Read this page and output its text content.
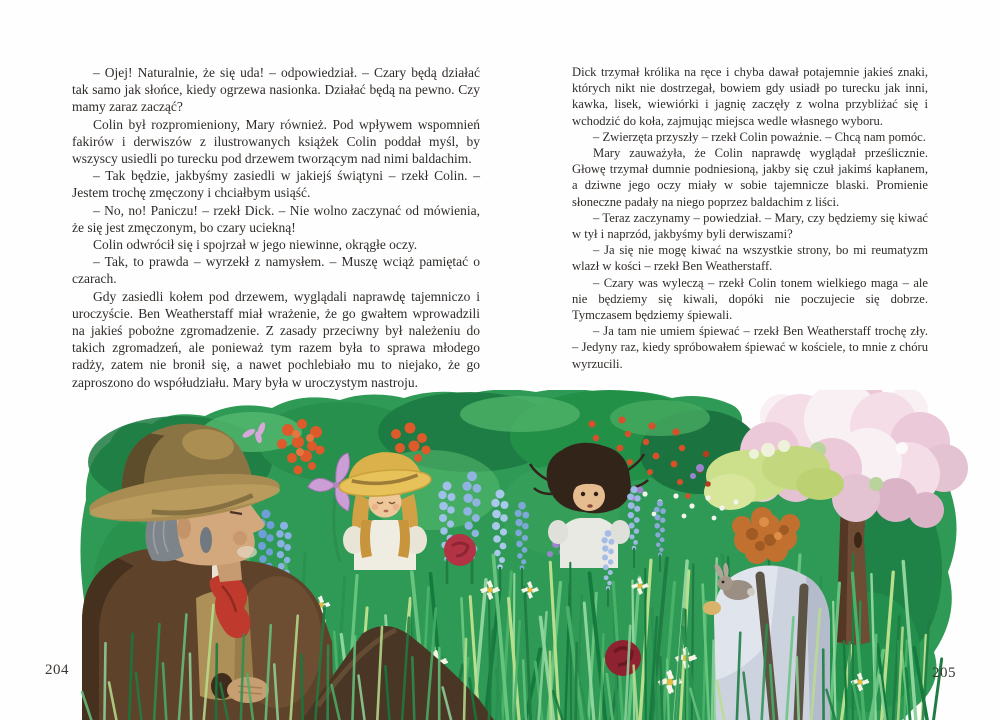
– Ojej! Naturalnie, że się uda! – odpowiedział. – Czary będą działać tak samo jak słońce, kiedy ogrzewa nasionka. Działać będą na pewno. Czy mamy zaraz zacząć?

Colin był rozpromieniony, Mary również. Pod wpływem wspomnień fakirów i derwiszów z ilustrowanych książek Colin poddał myśl, by wszyscy usiedli po turecku pod drzewem tworzącym nad nimi baldachim.

– Tak będzie, jakbyśmy zasiedli w jakiejś świątyni – rzekł Colin. – Jestem trochę zmęczony i chciałbym usiąść.

– No, no! Paniczu! – rzekł Dick. – Nie wolno zaczynać od mówienia, że się jest zmęczonym, bo czary uciekną!

Colin odwrócił się i spojrzał w jego niewinne, okrągłe oczy.

– Tak, to prawda – wyrzekł z namysłem. – Muszę wciąż pamiętać o czarach.

Gdy zasiedli kołem pod drzewem, wyglądali naprawdę tajemniczo i uroczyście. Ben Weatherstaff miał wrażenie, że go gwałtem wprowadzili na jakieś pobożne zgromadzenie. Z zasady przeciwny był należeniu do takich zgromadzeń, ale ponieważ tym razem była to sprawa młodego radży, zatem nie bronił się, a nawet pochlebiało mu to niejako, że go zaproszono do współudziału. Mary była w uroczystym nastroju.

204

Dick trzymał królika na ręce i chyba dawał potajemnie jakieś znaki, których nikt nie dostrzegał, bowiem gdy usiadł po turecku jak inni, kawka, lisek, wiewiórki i jagnię zaczęły z wolna przybliżać się i wchodzić do koła, zajmując miejsca wedle własnego wyboru.

– Zwierzęta przyszły – rzekł Colin poważnie. – Chcą nam pomóc.

Mary zauważyła, że Colin naprawdę wyglądał prześlicznie. Głowę trzymał dumnie podniesioną, jakby się czuł jakimś kapłanem, a dziwne jego oczy miały w sobie tajemnicze blaski. Promienie słoneczne padały na niego poprzez baldachim z liści.

– Teraz zaczynamy – powiedział. – Mary, czy będziemy się kiwać w tył i naprzód, jakbyśmy byli derwiszami?

– Ja się nie mogę kiwać na wszystkie strony, bo mi reumatyzm wlazł w kości – rzekł Ben Weatherstaff.

– Czary was wyleczą – rzekł Colin tonem wielkiego maga – ale nie będziemy się kiwali, dopóki nie poczujecie się dobrze. Tymczasem będziemy śpiewali.

– Ja tam nie umiem śpiewać – rzekł Ben Weatherstaff trochę zły. – Jedyny raz, kiedy spróbowałem śpiewać w kościele, to mnie z chóru wyrzucili.

205
